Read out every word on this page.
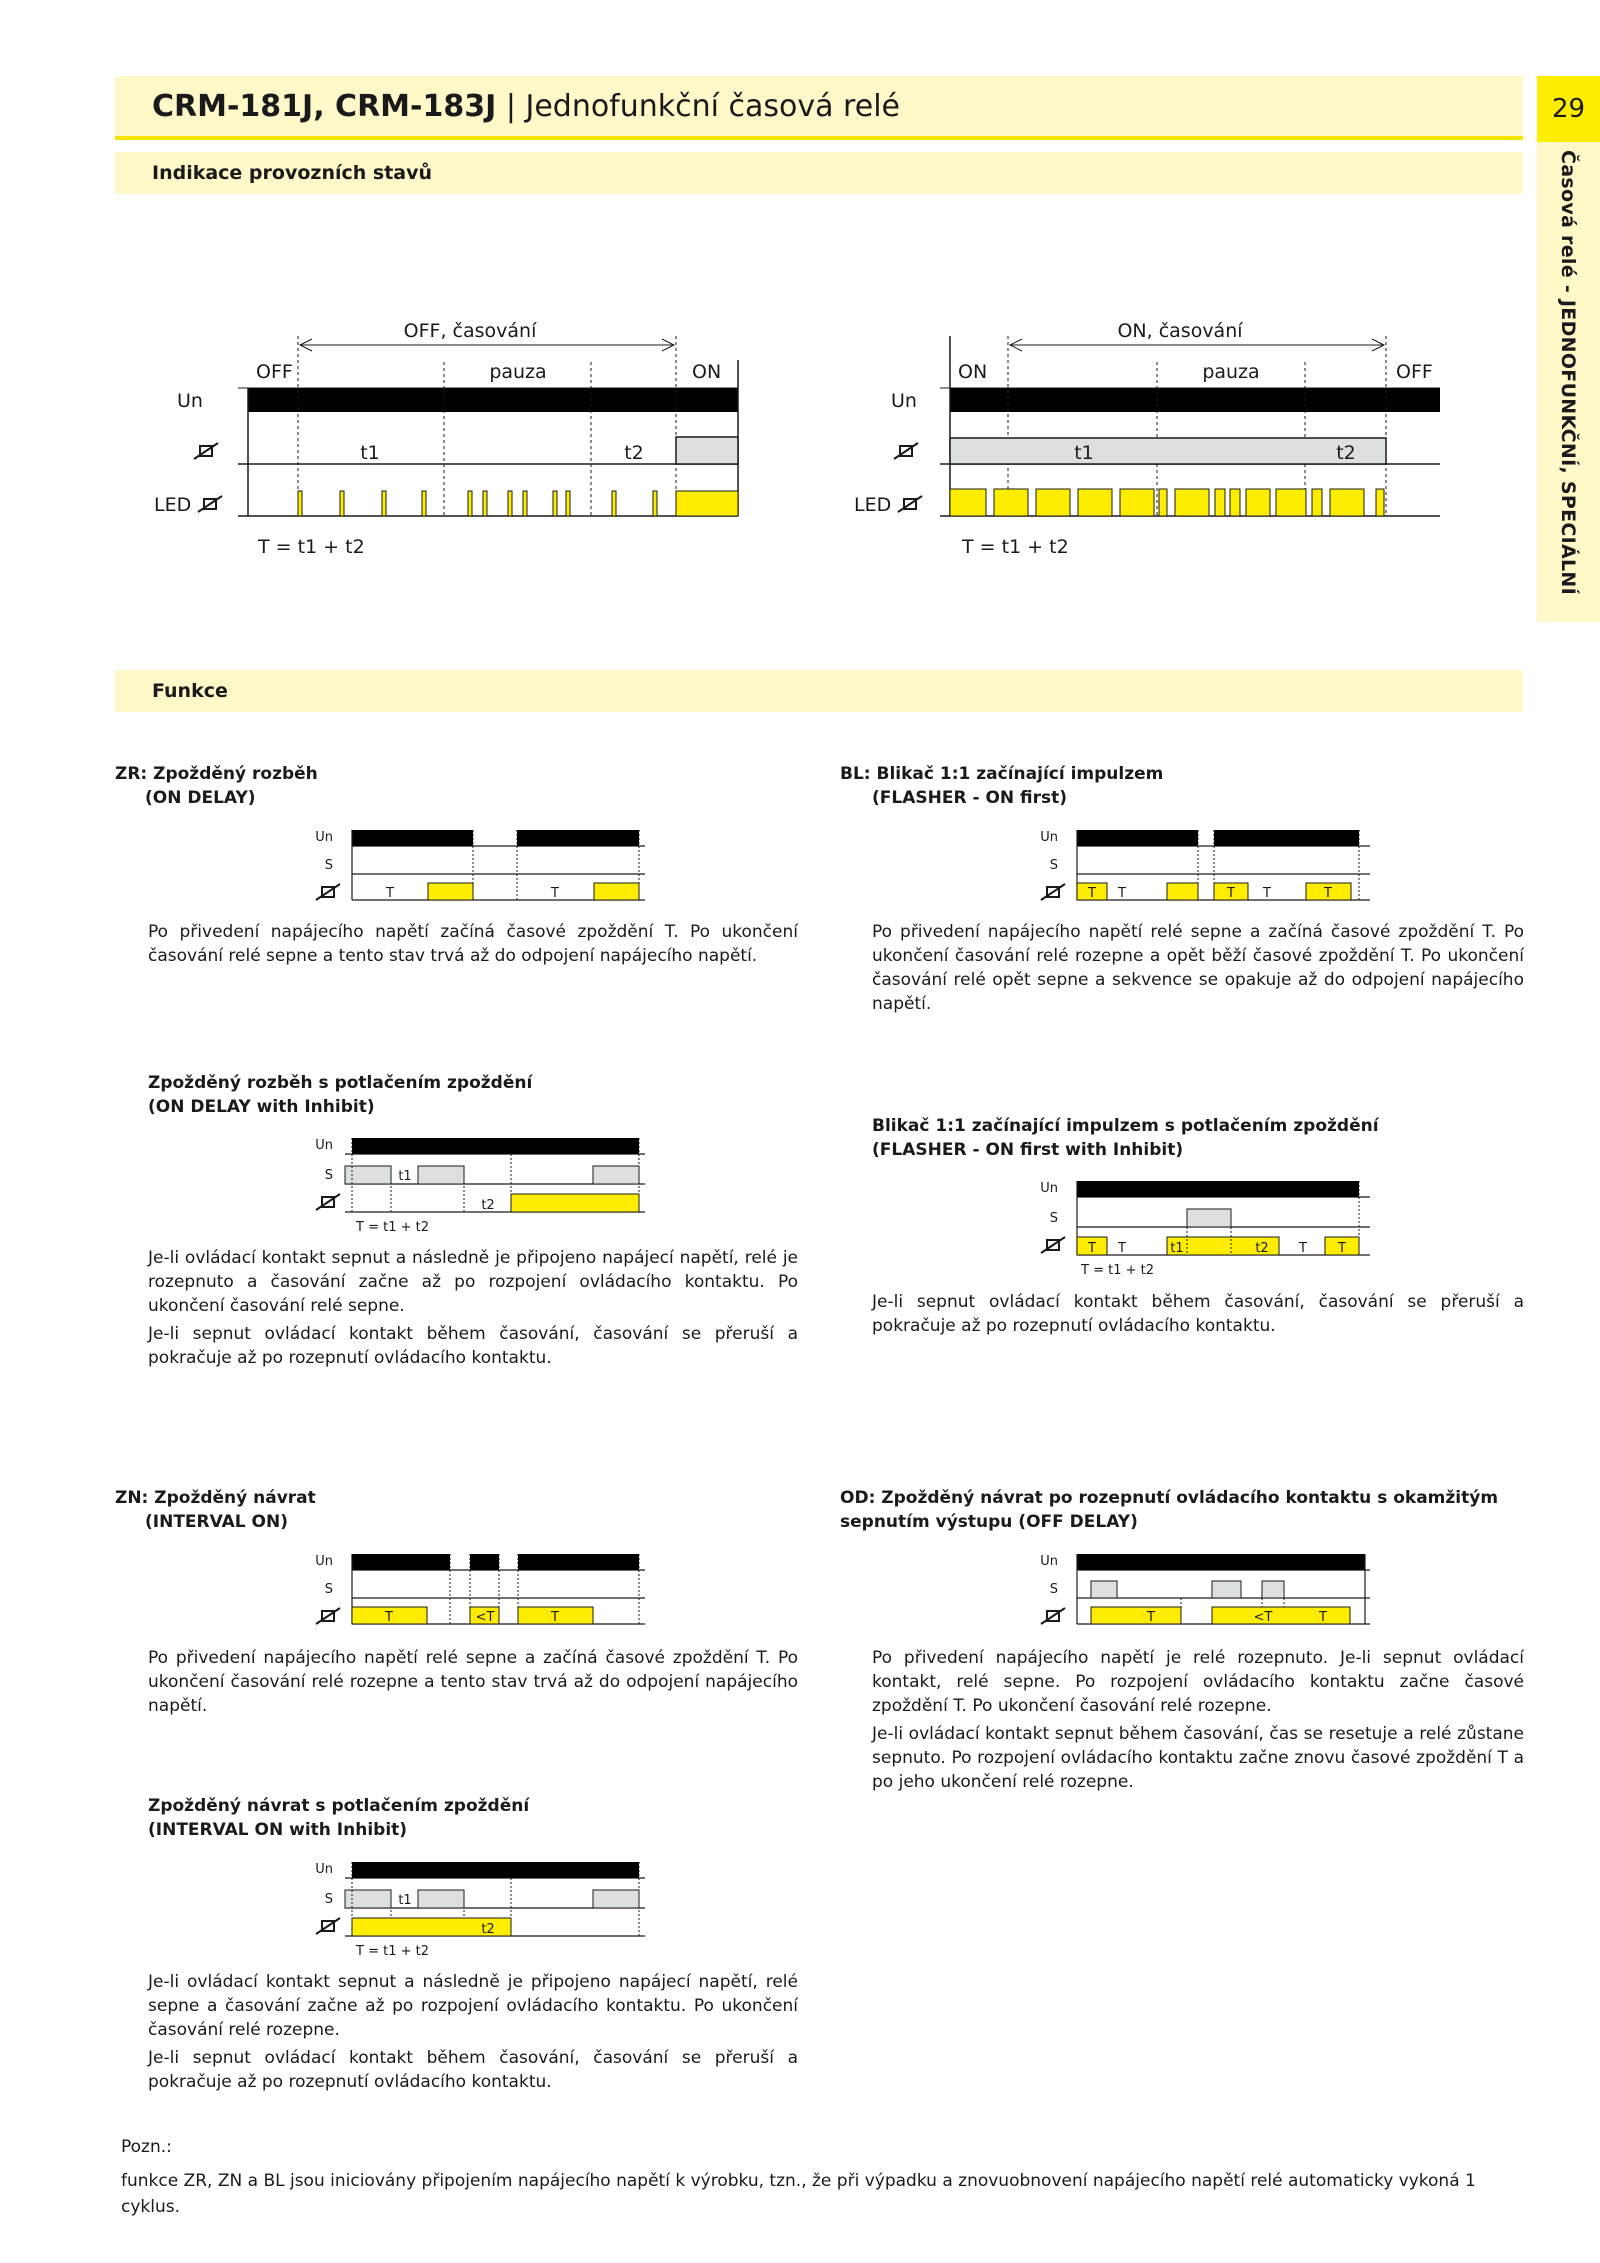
CRM-181J, CRM-183J | Jednofunkční časová relé	29
Časová relé - JEDNOFUNKČNÍ, SPECIÁLNÍ
Indikace provozních stavů
Un
LED
OFF, časování
OFF	pauza	ON
t1	t2
T = t1 + t2
Un
LED
ON, časování
ON	pauza	OFF
t1	t2
T = t1 + t2
Funkce
ZR: Zpožděný rozběh
(ON DELAY)
Un
S
T	T
Po přivedení napájecího napětí začíná časové zpoždění T. Po ukončení časování relé sepne a tento stav trvá až do odpojení napájecího napětí.
Zpožděný rozběh s potlačením zpoždění
(ON DELAY with Inhibit)
Un
S	t1
t2
T = t1 + t2

Je-li ovládací kontakt sepnut a následně je připojeno napájecí napětí, relé je rozepnuto a časování začne až po rozpojení ovládacího kontaktu. Po ukončení časování relé sepne.

Je-li sepnut ovládací kontakt během časování, časování se přeruší a pokračuje až po rozepnutí ovládacího kontaktu.

ZN: Zpožděný návrat
(INTERVAL ON)
Un
S
T	<T	T
Po přivedení napájecího napětí relé sepne a začíná časové zpoždění T. Po ukončení časování relé rozepne a tento stav trvá až do odpojení napájecího napětí.
Zpožděný návrat s potlačením zpoždění
(INTERVAL ON with Inhibit)
Un
S	t1
t2
T = t1 + t2

Je-li ovládací kontakt sepnut a následně je připojeno napájecí napětí, relé sepne a časování začne až po rozpojení ovládacího kontaktu. Po ukončení časování relé rozepne.

Je-li sepnut ovládací kontakt během časování, časování se přeruší a pokračuje až po rozepnutí ovládacího kontaktu.

BL: Blikač 1:1 začínající impulzem
(FLASHER - ON first)
Un
S
T T	T T	T
Po přivedení napájecího napětí relé sepne a začíná časové zpoždění T. Po ukončení časování relé rozepne a opět běží časové zpoždění T. Po ukončení časování relé opět sepne a sekvence se opakuje až do odpojení napájecího napětí.
Blikač 1:1 začínající impulzem s potlačením zpoždění
(FLASHER - ON first with Inhibit)
Un
S
T T	t1	t2 T T
T = t1 + t2
Je-li sepnut ovládací kontakt během časování, časování se přeruší a pokračuje až po rozepnutí ovládacího kontaktu.
OD: Zpožděný návrat po rozepnutí ovládacího kontaktu s okamžitým sepnutím výstupu (OFF DELAY)
Un
S
T	<T	T

Po přivedení napájecího napětí je relé rozepnuto. Je-li sepnut ovládací kontakt, relé sepne. Po rozpojení ovládacího kontaktu začne časové zpoždění T. Po ukončení časování relé rozepne.

Je-li ovládací kontakt sepnut během časování, čas se resetuje a relé zůstane sepnuto. Po rozpojení ovládacího kontaktu začne znovu časové zpoždění T a po jeho ukončení relé rozepne.

Pozn.:
funkce ZR, ZN a BL jsou iniciovány připojením napájecího napětí k výrobku, tzn., že při výpadku a znovuobnovení napájecího napětí relé automaticky vykoná 1 cyklus.
